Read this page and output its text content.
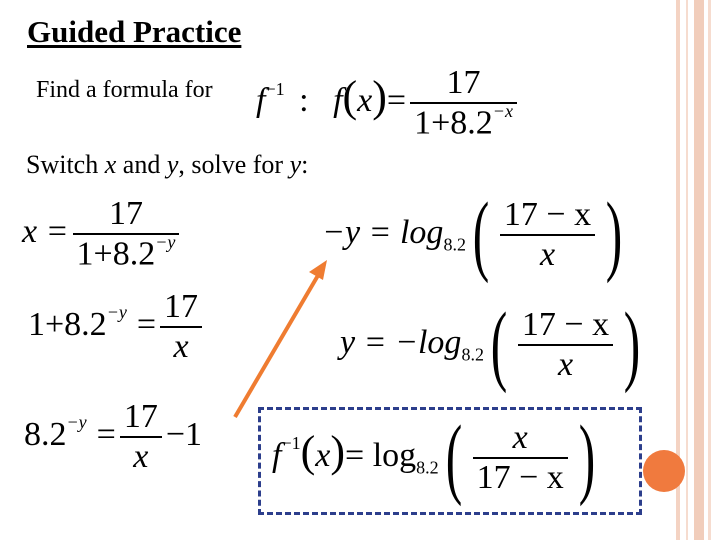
Guided Practice
Find a formula for $f^{-1}$ : $f(x)= \frac{17}{1+8.2^{-x}}$
Switch x and y, solve for y:
$x = \frac{17}{1+8.2^{-y}}$
$1+8.2^{-y} = \frac{17}{x}$
$8.2^{-y} = \frac{17}{x} -1$
$-y = \log_{8.2}$ ( $\frac{17 - x}{x}$ )
$y = -\log_{8.2}$ ( $\frac{17 - x}{x}$ )
$f^{-1}(x)= \log_{8.2}$ ( $\frac{x}{17 - x}$ )
